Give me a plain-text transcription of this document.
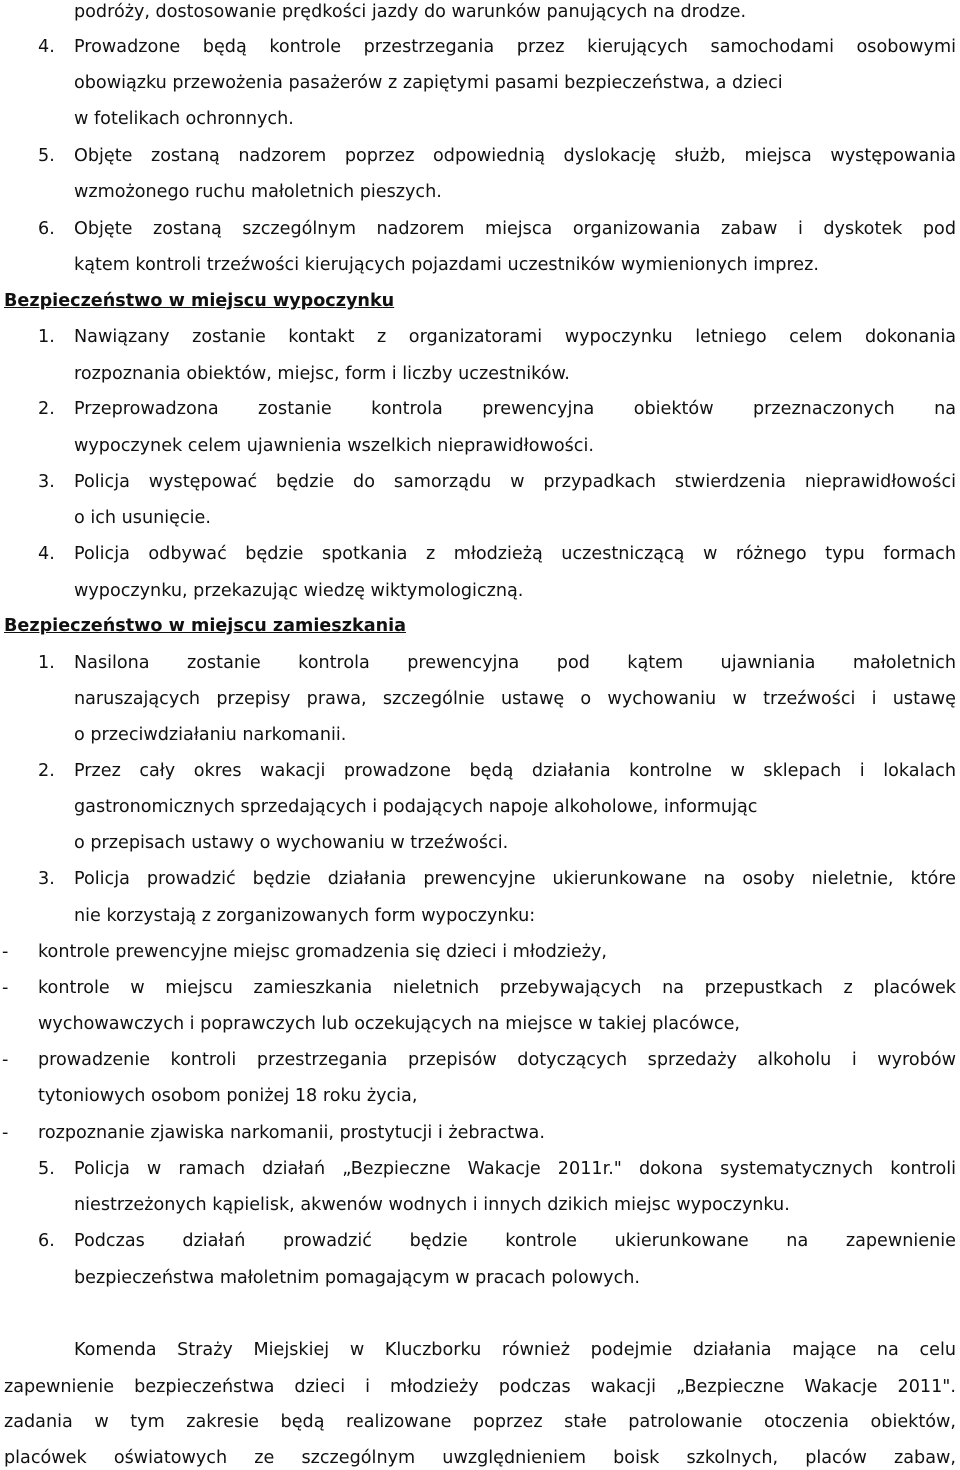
podróży, dostosowanie prędkości jazdy do warunków panujących na drodze.
4. Prowadzone będą kontrole przestrzegania przez kierujących samochodami osobowymi
obowiązku przewożenia pasażerów z zapiętymi pasami bezpieczeństwa, a dzieci
w fotelikach ochronnych.
5. Objęte zostaną nadzorem poprzez odpowiednią dyslokację służb, miejsca występowania
wzmożonego ruchu małoletnich pieszych.
6. Objęte zostaną szczególnym nadzorem miejsca organizowania zabaw i dyskotek pod
kątem kontroli trzeźwości kierujących pojazdami uczestników wymienionych imprez.
Bezpieczeństwo w miejscu wypoczynku
1. Nawiązany zostanie kontakt z organizatorami wypoczynku letniego celem dokonania
rozpoznania obiektów, miejsc, form i liczby uczestników.
2. Przeprowadzona zostanie kontrola prewencyjna obiektów przeznaczonych na
wypoczynek celem ujawnienia wszelkich nieprawidłowości.
3. Policja występować będzie do samorządu w przypadkach stwierdzenia nieprawidłowości
o ich usunięcie.
4. Policja odbywać będzie spotkania z młodzieżą uczestniczącą w różnego typu formach
wypoczynku, przekazując wiedzę wiktymologiczną.
Bezpieczeństwo w miejscu zamieszkania
1. Nasilona zostanie kontrola prewencyjna pod kątem ujawniania małoletnich
naruszających przepisy prawa, szczególnie ustawę o wychowaniu w trzeźwości i ustawę
o przeciwdziałaniu narkomanii.
2. Przez cały okres wakacji prowadzone będą działania kontrolne w sklepach i lokalach
gastronomicznych sprzedających i podających napoje alkoholowe, informując
o przepisach ustawy o wychowaniu w trzeźwości.
3. Policja prowadzić będzie działania prewencyjne ukierunkowane na osoby nieletnie, które
nie korzystają z zorganizowanych form wypoczynku:
- kontrole prewencyjne miejsc gromadzenia się dzieci i młodzieży,
- kontrole w miejscu zamieszkania nieletnich przebywających na przepustkach z placówek
wychowawczych i poprawczych lub oczekujących na miejsce w takiej placówce,
- prowadzenie kontroli przestrzegania przepisów dotyczących sprzedaży alkoholu i wyrobów
tytoniowych osobom poniżej 18 roku życia,
- rozpoznanie zjawiska narkomanii, prostytucji i żebractwa.
5. Policja w ramach działań „Bezpieczne Wakacje 2011r." dokona systematycznych kontroli
niestrzeżonych kąpielisk, akwenów wodnych i innych dzikich miejsc wypoczynku.
6. Podczas działań prowadzić będzie kontrole ukierunkowane na zapewnienie
bezpieczeństwa małoletnim pomagającym w pracach polowych.
Komenda Straży Miejskiej w Kluczborku również podejmie działania mające na celu
zapewnienie bezpieczeństwa dzieci i młodzieży podczas wakacji „Bezpieczne Wakacje 2011".
zadania w tym zakresie będą realizowane poprzez stałe patrolowanie otoczenia obiektów,
placówek oświatowych ze szczególnym uwzględnieniem boisk szkolnych, placów zabaw,
